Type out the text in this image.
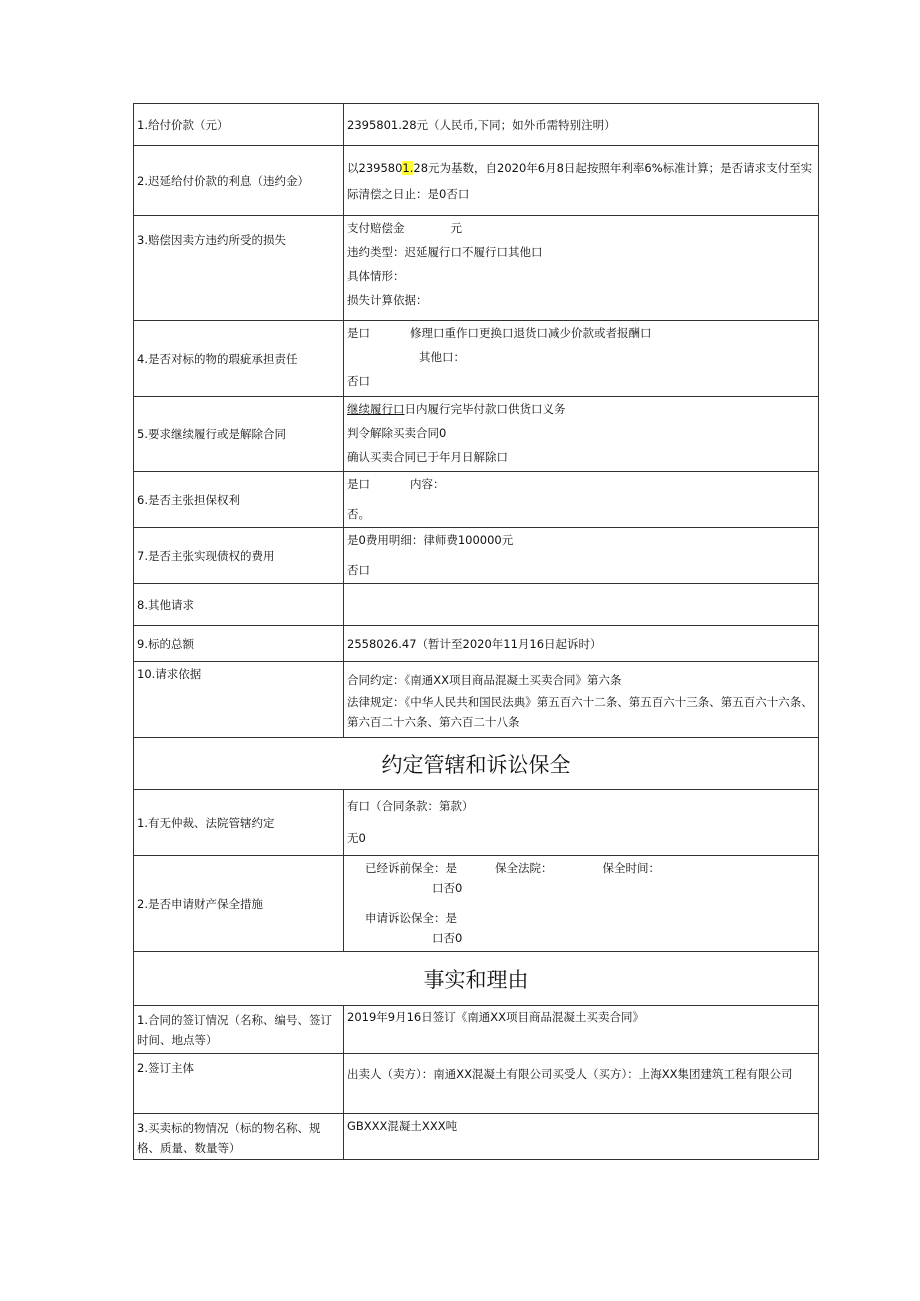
1.给付价款（元）	2395801.28元（人民币,下同；如外币需特别注明）
2.迟延给付价款的利息（违约金）	以2395801.28元为基数，自2020年6月8日起按照年利率6%标准计算；是否请求支付至实际清偿之日止：是0否口

3.赔偿因卖方违约所受的损失	支付赔偿金　　　　元
违约类型：迟延履行口不履行口其他口
具体情形：
损失计算依据：

4.是否对标的物的瑕疵承担责任	是口 修理口重作口更换口退货口减少价款或者报酬口
其他口：
否口

5.要求继续履行或是解除合同	继续履行口日内履行完毕付款口供货口义务
判令解除买卖合同0
确认买卖合同已于年月日解除口

6.是否主张担保权利	是口 内容：
否。

7.是否主张实现债权的费用	是0费用明细：律师费100000元
否口

8.其他请求	
9.标的总额	2558026.47（暂计至2020年11月16日起诉时）
10.请求依据	合同约定：《南通XX项目商品混凝土买卖合同》第六条
法律规定：《中华人民共和国民法典》第五百六十二条、第五百六十三条、第五百六十六条、第六百二十六条、第六百二十八条

约定管辖和诉讼保全	
1.有无仲裁、法院管辖约定	有口（合同条款：第款）
无0

2.是否申请财产保全措施	已经诉前保全：是 保全法院： 保全时间：
口否0
申请诉讼保全：是
口否0

事实和理由	
1.合同的签订情况（名称、编号、签订时间、地点等）	2019年9月16日签订《南通XX项目商品混凝土买卖合同》

2.签订主体	出卖人（卖方）：南通XX混凝土有限公司买受人（买方）：上海XX集团建筑工程有限公司

3.买卖标的物情况（标的物名称、规格、质量、数量等）	GBXXX混凝土XXX吨
